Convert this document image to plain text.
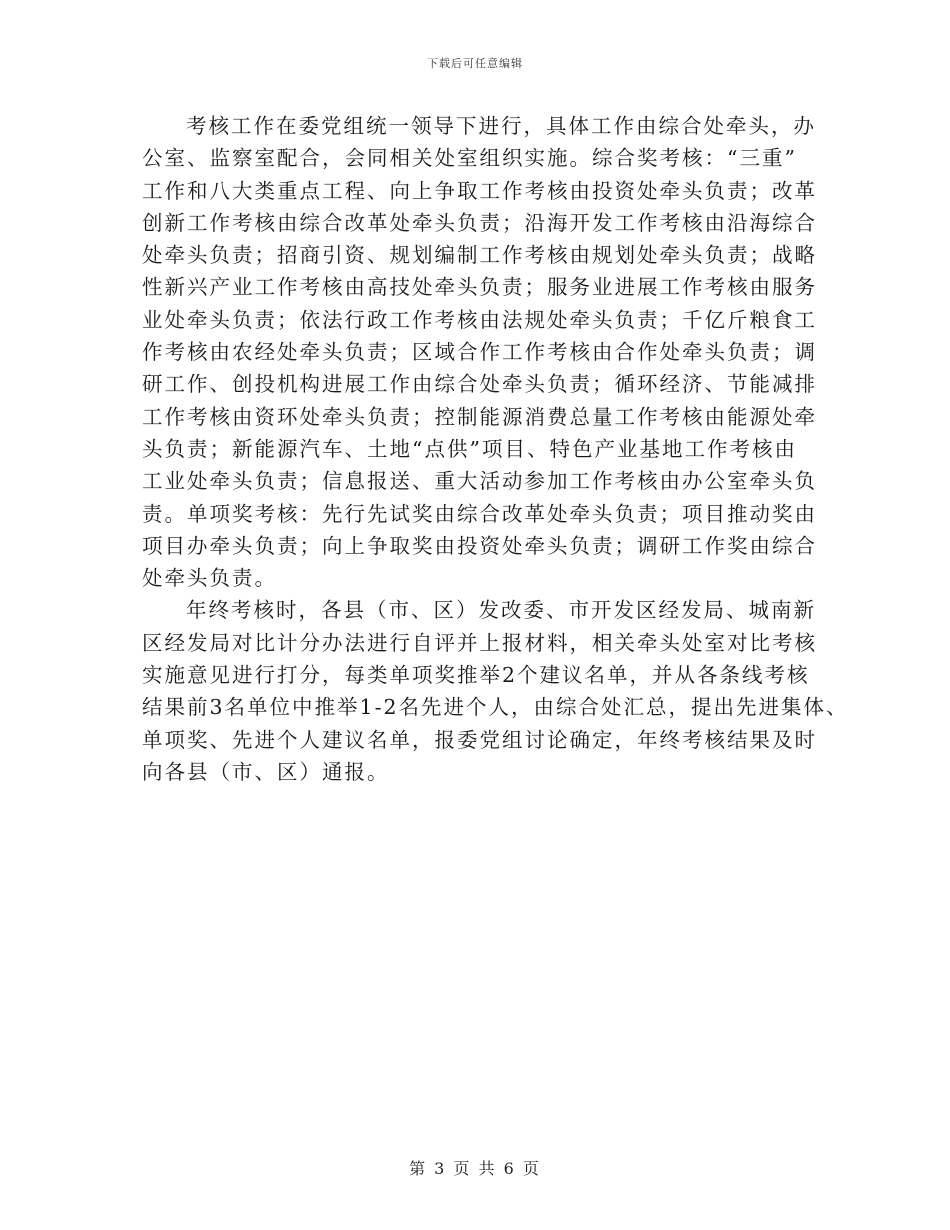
下载后可任意编辑
考核工作在委党组统一领导下进行，具体工作由综合处牵头，办
公室、监察室配合，会同相关处室组织实施。综合奖考核：“三重”
工作和八大类重点工程、向上争取工作考核由投资处牵头负责；改革
创新工作考核由综合改革处牵头负责；沿海开发工作考核由沿海综合
处牵头负责；招商引资、规划编制工作考核由规划处牵头负责；战略
性新兴产业工作考核由高技处牵头负责；服务业进展工作考核由服务
业处牵头负责；依法行政工作考核由法规处牵头负责；千亿斤粮食工
作考核由农经处牵头负责；区域合作工作考核由合作处牵头负责；调
研工作、创投机构进展工作由综合处牵头负责；循环经济、节能减排
工作考核由资环处牵头负责；控制能源消费总量工作考核由能源处牵
头负责；新能源汽车、土地“点供”项目、特色产业基地工作考核由
工业处牵头负责；信息报送、重大活动参加工作考核由办公室牵头负
责。单项奖考核：先行先试奖由综合改革处牵头负责；项目推动奖由
项目办牵头负责；向上争取奖由投资处牵头负责；调研工作奖由综合
处牵头负责。
年终考核时，各县（市、区）发改委、市开发区经发局、城南新
区经发局对比计分办法进行自评并上报材料，相关牵头处室对比考核
实施意见进行打分，每类单项奖推举2个建议名单，并从各条线考核
结果前3名单位中推举1-2名先进个人，由综合处汇总，提出先进集体、
单项奖、先进个人建议名单，报委党组讨论确定，年终考核结果及时
向各县（市、区）通报。
第 3 页 共 6 页
